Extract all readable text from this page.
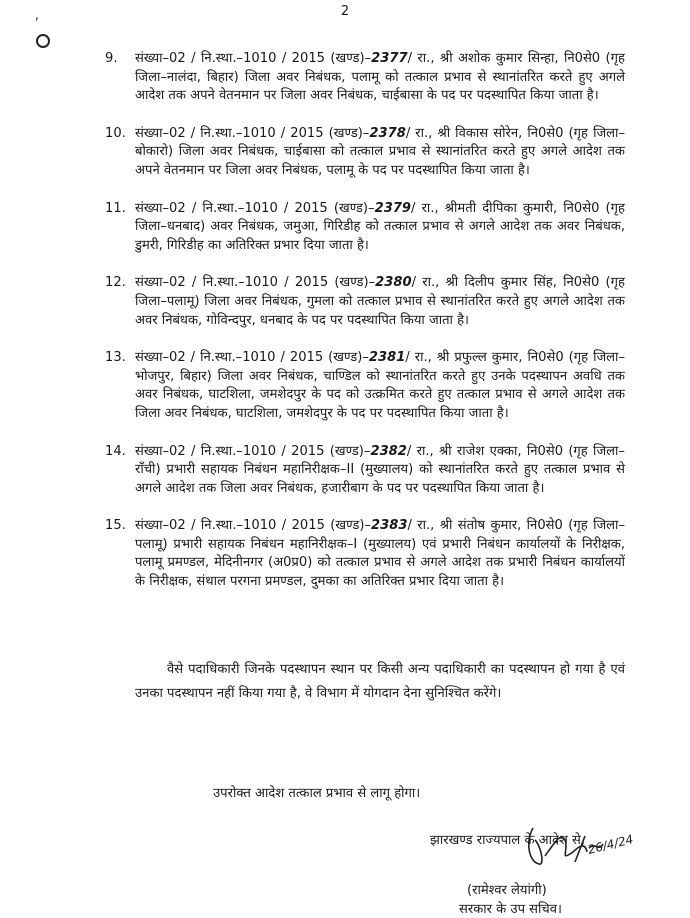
2
,
9.	संख्या–02 / नि.स्था.–1010 / 2015 (खण्ड)–2377/ रा., श्री अशोक कुमार सिन्हा, नि0से0 (गृह जिला–नालंदा, बिहार) जिला अवर निबंधक, पलामू को तत्काल प्रभाव से स्थानांतरित करते हुए अगले आदेश तक अपने वेतनमान पर जिला अवर निबंधक, चाईबासा के पद पर पदस्थापित किया जाता है।
10. संख्या–02 / नि.स्था.–1010 / 2015 (खण्ड)–2378/ रा., श्री विकास सोरेन, नि0से0 (गृह जिला–बोकारो) जिला अवर निबंधक, चाईबासा को तत्काल प्रभाव से स्थानांतरित करते हुए अगले आदेश तक अपने वेतनमान पर जिला अवर निबंधक, पलामू के पद पर पदस्थापित किया जाता है।
11. संख्या–02 / नि.स्था.–1010 / 2015 (खण्ड)–2379/ रा., श्रीमती दीपिका कुमारी, नि0से0 (गृह जिला–धनबाद) अवर निबंधक, जमुआ, गिरिडीह को तत्काल प्रभाव से अगले आदेश तक अवर निबंधक, डुमरी, गिरिडीह का अतिरिक्त प्रभार दिया जाता है।
12. संख्या–02 / नि.स्था.–1010 / 2015 (खण्ड)–2380/ रा., श्री दिलीप कुमार सिंह, नि0से0 (गृह जिला–पलामू) जिला अवर निबंधक, गुमला को तत्काल प्रभाव से स्थानांतरित करते हुए अगले आदेश तक अवर निबंधक, गोविन्दपुर, धनबाद के पद पर पदस्थापित किया जाता है।
13. संख्या–02 / नि.स्था.–1010 / 2015 (खण्ड)–2381/ रा., श्री प्रफुल्ल कुमार, नि0से0 (गृह जिला–भोजपुर, बिहार) जिला अवर निबंधक, चाण्डिल को स्थानांतरित करते हुए उनके पदस्थापन अवधि तक अवर निबंधक, घाटशिला, जमशेदपुर के पद को उत्क्रमित करते हुए तत्काल प्रभाव से अगले आदेश तक जिला अवर निबंधक, घाटशिला, जमशेदपुर के पद पर पदस्थापित किया जाता है।
14. संख्या–02 / नि.स्था.–1010 / 2015 (खण्ड)–2382/ रा., श्री राजेश एक्का, नि0से0 (गृह जिला–राँची) प्रभारी सहायक निबंधन महानिरीक्षक–II (मुख्यालय) को स्थानांतरित करते हुए तत्काल प्रभाव से अगले आदेश तक जिला अवर निबंधक, हजारीबाग के पद पर पदस्थापित किया जाता है।
15. संख्या–02 / नि.स्था.–1010 / 2015 (खण्ड)–2383/ रा., श्री संतोष कुमार, नि0से0 (गृह जिला–पलामू) प्रभारी सहायक निबंधन महानिरीक्षक–I (मुख्यालय) एवं प्रभारी निबंधन कार्यालयों के निरीक्षक, पलामू प्रमण्डल, मेदिनीनगर (अ0प्र0) को तत्काल प्रभाव से अगले आदेश तक प्रभारी निबंधन कार्यालयों के निरीक्षक, संथाल परगना प्रमण्डल, दुमका का अतिरिक्त प्रभार दिया जाता है।
वैसे पदाधिकारी जिनके पदस्थापन स्थान पर किसी अन्य पदाधिकारी का पदस्थापन हो गया है एवं उनका पदस्थापन नहीं किया गया है, वे विभाग में योगदान देना सुनिश्चित करेंगे।
उपरोक्त आदेश तत्काल प्रभाव से लागू होगा।
झारखण्ड राज्यपाल के आदेश से, 26/4/24
(रामेश्वर लेयांगी)
सरकार के उप सचिव।
